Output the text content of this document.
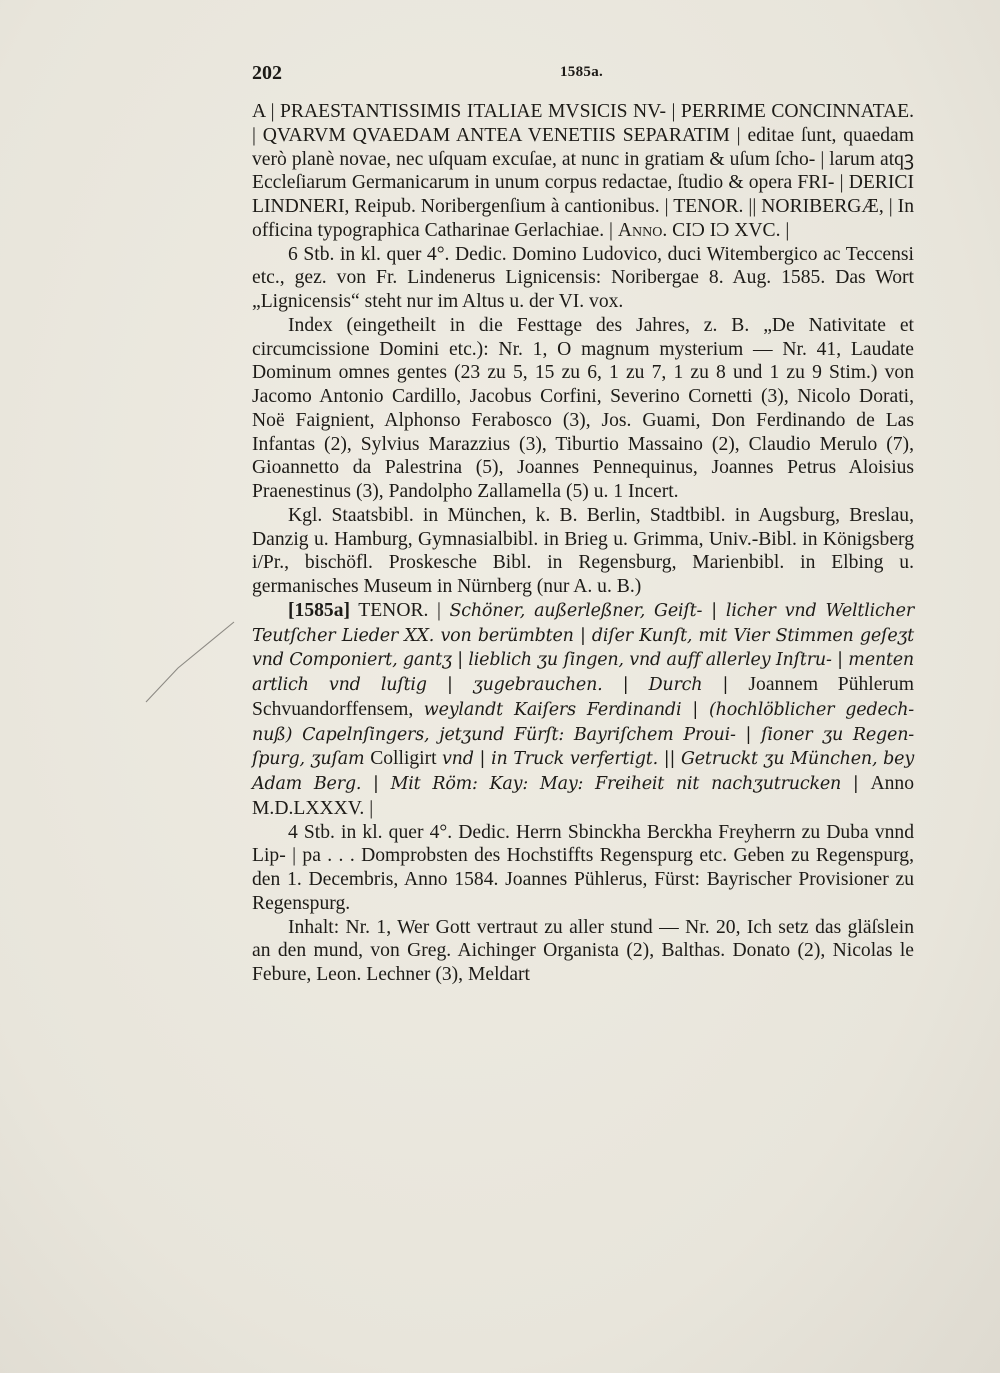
202	1585a.

A | PRAESTANTISSIMIS ITALIAE MVSICIS NV- | PERRIME CONCINNATAE. | QVARVM QVAEDAM ANTEA VENETIIS SEPARATIM | editae ſunt, quaedam verò planè novae, nec uſquam excuſae, at nunc in gratiam & uſum ſcho- | larum atqꝫ Eccleſiarum Germanicarum in unum corpus redactae, ſtudio & opera FRI- | DERICI LINDNERI, Reipub. Noribergenſium à cantionibus. | TENOR. || NORIBERGÆ, | In officina typographica Catharinae Gerlachiae. | Anno. CIϽ IϽ XVC. |

6 Stb. in kl. quer 4°. Dedic. Domino Ludovico, duci Witembergico ac Teccensi etc., gez. von Fr. Lindenerus Lignicensis: Noribergae 8. Aug. 1585. Das Wort „Lignicensis“ steht nur im Altus u. der VI. vox.

Index (eingetheilt in die Festtage des Jahres, z. B. „De Nativitate et circumcissione Domini etc.): Nr. 1, O magnum mysterium — Nr. 41, Laudate Dominum omnes gentes (23 zu 5, 15 zu 6, 1 zu 7, 1 zu 8 und 1 zu 9 Stim.) von Jacomo Antonio Cardillo, Jacobus Corfini, Severino Cornetti (3), Nicolo Dorati, Noë Faignient, Alphonso Ferabosco (3), Jos. Guami, Don Ferdinando de Las Infantas (2), Sylvius Marazzius (3), Tiburtio Massaino (2), Claudio Merulo (7), Gioannetto da Palestrina (5), Joannes Pennequinus, Joannes Petrus Aloisius Praenestinus (3), Pandolpho Zallamella (5) u. 1 Incert.

Kgl. Staatsbibl. in München, k. B. Berlin, Stadtbibl. in Augsburg, Breslau, Danzig u. Hamburg, Gymnasialbibl. in Brieg u. Grimma, Univ.-Bibl. in Königsberg i/Pr., bischöfl. Proskesche Bibl. in Regensburg, Marienbibl. in Elbing u. germanisches Museum in Nürnberg (nur A. u. B.)

[1585a] TENOR. | Schöner, außerleßner, Geiſt- | licher vnd Weltlicher Teutſcher Lieder XX. von berümbten | diſer Kunſt, mit Vier Stimmen geſeʒt vnd Componiert, gantʒ | lieblich ʒu ſingen, vnd auff allerley Inſtru- | menten artlich vnd luſtig | ʒugebrauchen. | Durch | Joannem Pühlerum Schvuandorffensem, weylandt Kaiſers Ferdinandi | (hochlöblicher gedech- nuß) Capelnſingers, jetʒund Fürſt: Bayriſchem Proui- | ſioner ʒu Regen- ſpurg, ʒuſam Colligirt vnd | in Truck verfertigt. || Getruckt ʒu München, bey Adam Berg. | Mit Röm: Kay: May: Freiheit nit nachʒutrucken | Anno M.D.LXXXV. |

4 Stb. in kl. quer 4°. Dedic. Herrn Sbinckha Berckha Freyherrn zu Duba vnnd Lip- | pa . . . Domprobsten des Hochstiffts Regenspurg etc. Geben zu Regenspurg, den 1. Decembris, Anno 1584. Joannes Pühlerus, Fürst: Bayrischer Provisioner zu Regenspurg.

Inhalt: Nr. 1, Wer Gott vertraut zu aller stund — Nr. 20, Ich setz das gläſslein an den mund, von Greg. Aichinger Organista (2), Balthas. Donato (2), Nicolas le Febure, Leon. Lechner (3), Meldart
